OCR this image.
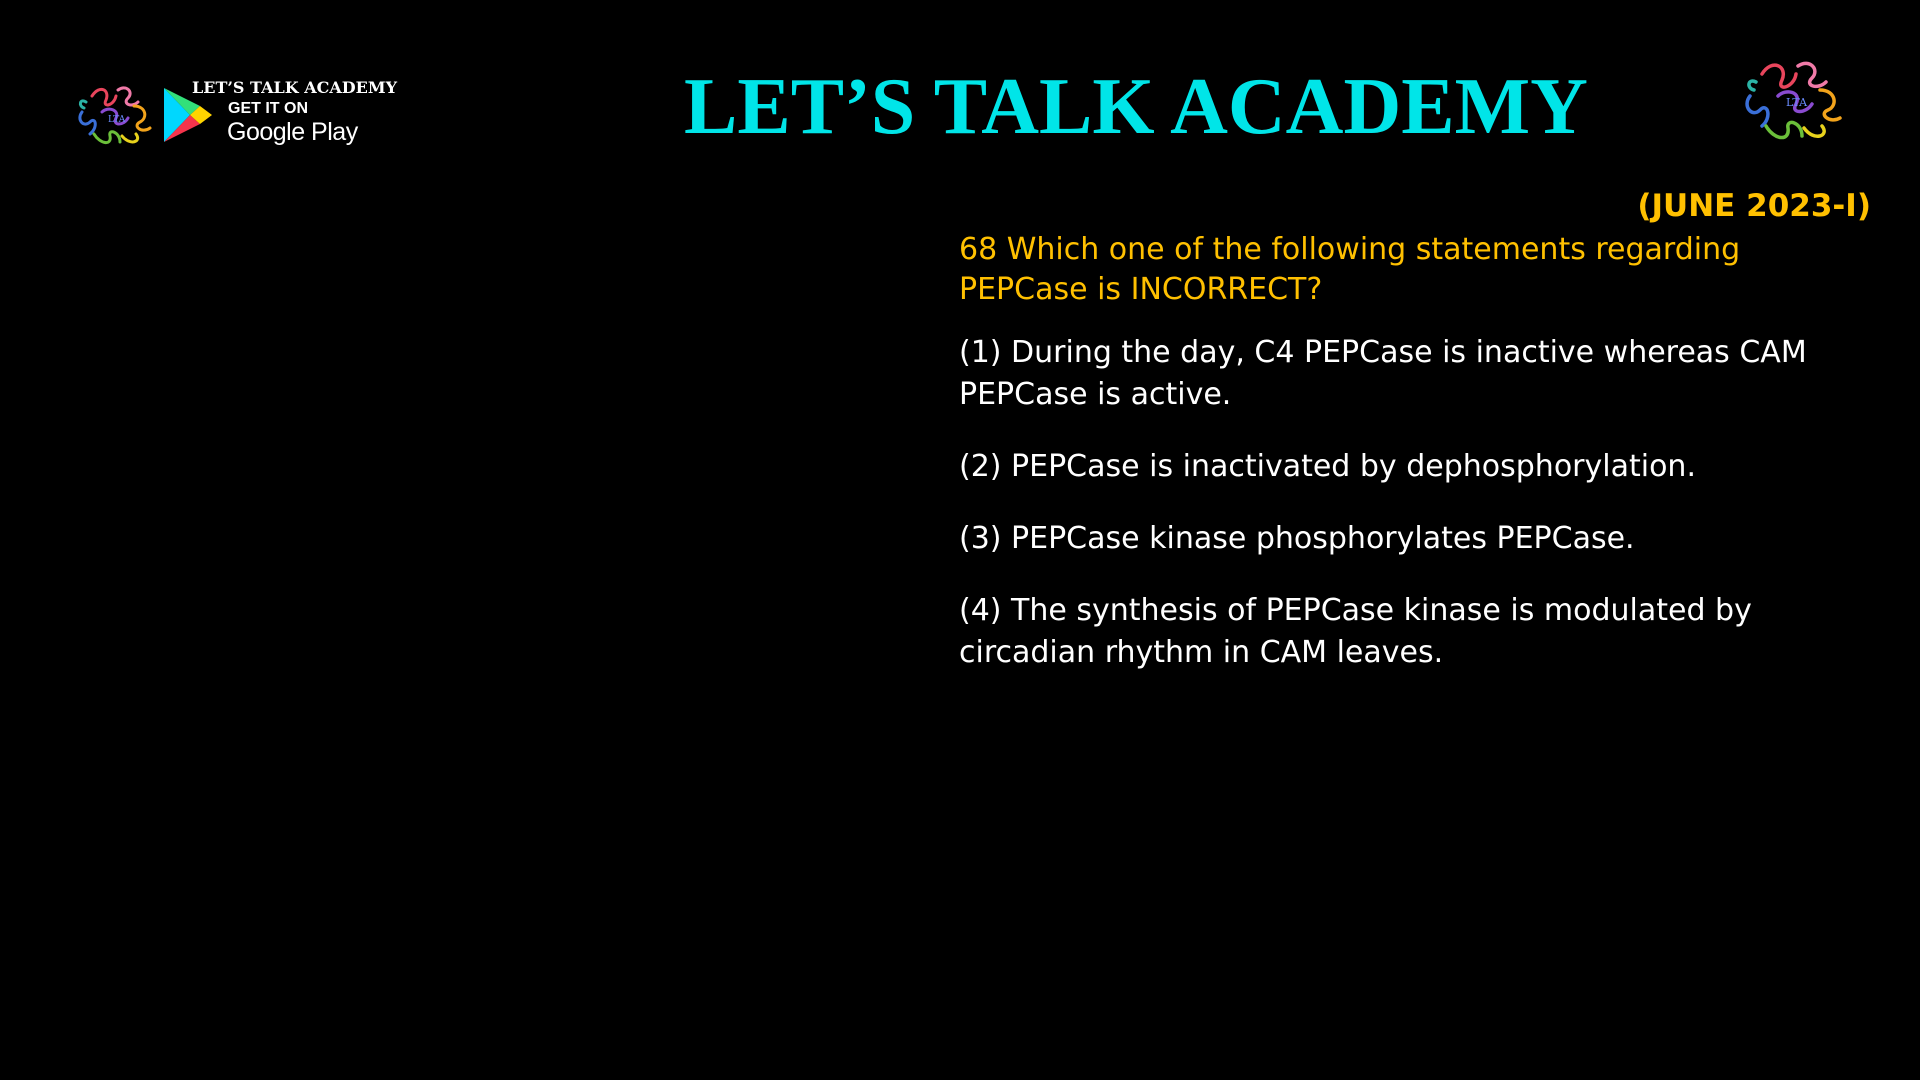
LTA
LET’S TALK ACADEMY
GET IT ON
Google Play	LET’S TALK ACADEMY	LTA
(JUNE 2023-I)

68 Which one of the following statements regarding PEPCase is INCORRECT?

(1) During the day, C4 PEPCase is inactive whereas CAM PEPCase is active.

(2) PEPCase is inactivated by dephosphorylation.

(3) PEPCase kinase phosphorylates PEPCase.

(4) The synthesis of PEPCase kinase is modulated by circadian rhythm in CAM leaves.
